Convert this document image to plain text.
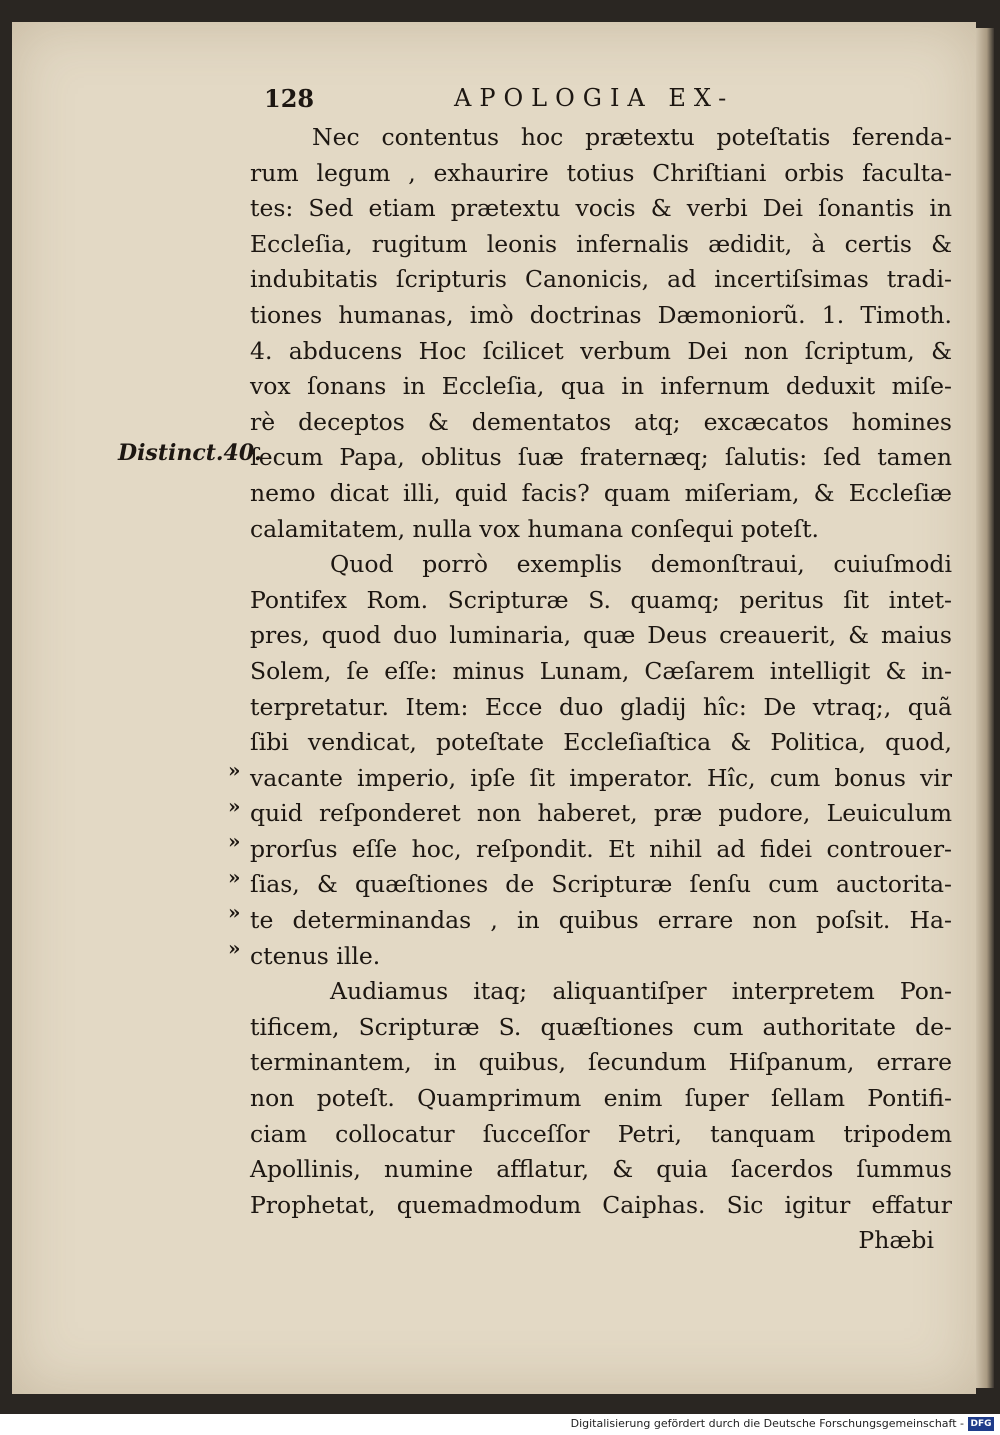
128	APOLOGIA EX-
Distinct.40.
»
»
»
»
»
»
Nec contentus hoc prætextu poteſtatis ferenda-
rum legum , exhaurire totius Chriſtiani orbis faculta-
tes: Sed etiam prætextu vocis & verbi Dei ſonantis in
Eccleſia, rugitum leonis infernalis ædidit, à certis &
indubitatis ſcripturis Canonicis, ad incertiſsimas tradi-
tiones humanas, imò doctrinas Dæmoniorũ. 1. Timoth.
4. abducens Hoc ſcilicet verbum Dei non ſcriptum, &
vox ſonans in Eccleſia, qua in infernum deduxit miſe-
rè deceptos & dementatos atq; excæcatos homines
ſecum Papa, oblitus ſuæ fraternæq; ſalutis: ſed tamen
nemo dicat illi, quid facis? quam miſeriam, & Eccleſiæ
calamitatem, nulla vox humana conſequi poteſt.
Quod porrò exemplis demonſtraui, cuiuſmodi
Pontifex Rom. Scripturæ S. quamq; peritus ſit intet-
pres, quod duo luminaria, quæ Deus creauerit, & maius
Solem, ſe eſſe: minus Lunam, Cæſarem intelligit & in-
terpretatur. Item: Ecce duo gladij hîc: De vtraq;, quã
ſibi vendicat, poteſtate Eccleſiaſtica & Politica, quod,
vacante imperio, ipſe ſit imperator. Hîc, cum bonus vir
quid reſponderet non haberet, præ pudore, Leuiculum
prorſus eſſe hoc, reſpondit. Et nihil ad fidei controuer-
ſias, & quæſtiones de Scripturæ ſenſu cum auctorita-
te determinandas , in quibus errare non poſsit. Ha-
ctenus ille.
Audiamus itaq; aliquantiſper interpretem Pon-
tificem, Scripturæ S. quæſtiones cum authoritate de-
terminantem, in quibus, ſecundum Hiſpanum, errare
non poteſt. Quamprimum enim ſuper ſellam Pontifi-
ciam collocatur ſucceſſor Petri, tanquam tripodem
Apollinis, numine afflatur, & quia ſacerdos ſummus
Prophetat, quemadmodum Caiphas. Sic igitur effatur
Phæbi
Digitalisierung gefördert durch die Deutsche Forschungsgemeinschaft - DFG
